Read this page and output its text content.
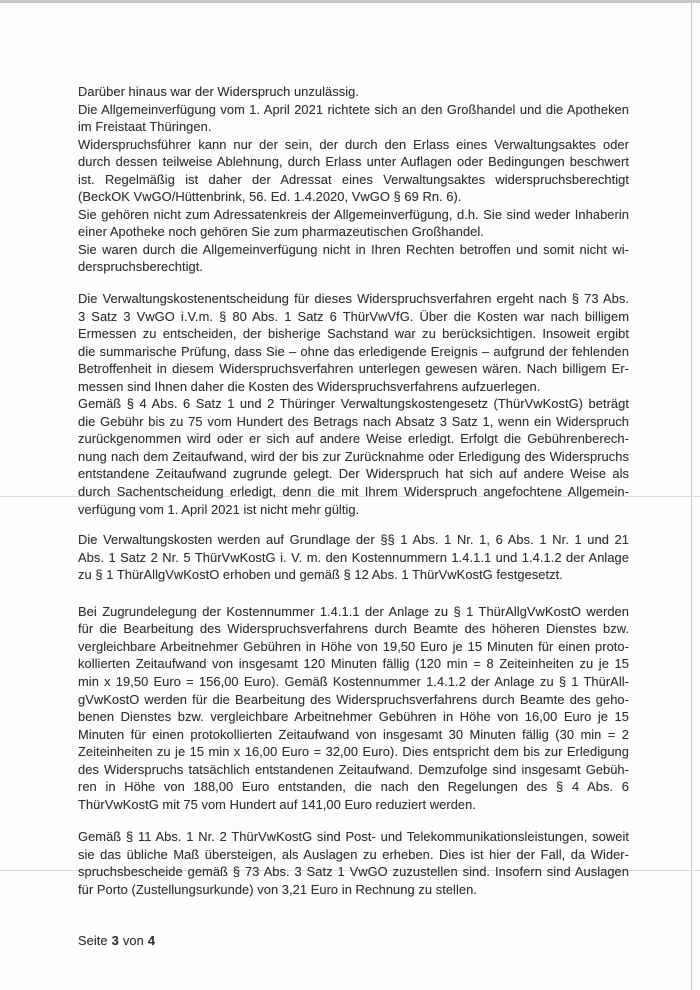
Darüber hinaus war der Widerspruch unzulässig.
Die Allgemeinverfügung vom 1. April 2021 richtete sich an den Großhandel und die Apotheken
im Freistaat Thüringen.
Widerspruchsführer kann nur der sein, der durch den Erlass eines Verwaltungsaktes oder
durch dessen teilweise Ablehnung, durch Erlass unter Auflagen oder Bedingungen beschwert
ist. Regelmäßig ist daher der Adressat eines Verwaltungsaktes widerspruchsberechtigt
(BeckOK VwGO/Hüttenbrink, 56. Ed. 1.4.2020, VwGO § 69 Rn. 6).
Sie gehören nicht zum Adressatenkreis der Allgemeinverfügung, d.h. Sie sind weder Inhaberin
einer Apotheke noch gehören Sie zum pharmazeutischen Großhandel.
Sie waren durch die Allgemeinverfügung nicht in Ihren Rechten betroffen und somit nicht wi-
derspruchsberechtigt.
Die Verwaltungskostenentscheidung für dieses Widerspruchsverfahren ergeht nach § 73 Abs.
3 Satz 3 VwGO i.V.m. § 80 Abs. 1 Satz 6 ThürVwVfG. Über die Kosten war nach billigem
Ermessen zu entscheiden, der bisherige Sachstand war zu berücksichtigen. Insoweit ergibt
die summarische Prüfung, dass Sie – ohne das erledigende Ereignis – aufgrund der fehlenden
Betroffenheit in diesem Widerspruchsverfahren unterlegen gewesen wären. Nach billigem Er-
messen sind Ihnen daher die Kosten des Widerspruchsverfahrens aufzuerlegen.
Gemäß § 4 Abs. 6 Satz 1 und 2 Thüringer Verwaltungskostengesetz (ThürVwKostG) beträgt
die Gebühr bis zu 75 vom Hundert des Betrags nach Absatz 3 Satz 1, wenn ein Widerspruch
zurückgenommen wird oder er sich auf andere Weise erledigt. Erfolgt die Gebührenberech-
nung nach dem Zeitaufwand, wird der bis zur Zurücknahme oder Erledigung des Widerspruchs
entstandene Zeitaufwand zugrunde gelegt. Der Widerspruch hat sich auf andere Weise als
durch Sachentscheidung erledigt, denn die mit Ihrem Widerspruch angefochtene Allgemein-
verfügung vom 1. April 2021 ist nicht mehr gültig.
Die Verwaltungskosten werden auf Grundlage der §§ 1 Abs. 1 Nr. 1, 6 Abs. 1 Nr. 1 und 21
Abs. 1 Satz 2 Nr. 5 ThürVwKostG i. V. m. den Kostennummern 1.4.1.1 und 1.4.1.2 der Anlage
zu § 1 ThürAllgVwKostO erhoben und gemäß § 12 Abs. 1 ThürVwKostG festgesetzt.
Bei Zugrundelegung der Kostennummer 1.4.1.1 der Anlage zu § 1 ThürAllgVwKostO werden
für die Bearbeitung des Widerspruchsverfahrens durch Beamte des höheren Dienstes bzw.
vergleichbare Arbeitnehmer Gebühren in Höhe von 19,50 Euro je 15 Minuten für einen proto-
kollierten Zeitaufwand von insgesamt 120 Minuten fällig (120 min = 8 Zeiteinheiten zu je 15
min x 19,50 Euro = 156,00 Euro). Gemäß Kostennummer 1.4.1.2 der Anlage zu § 1 ThürAll-
gVwKostO werden für die Bearbeitung des Widerspruchsverfahrens durch Beamte des geho-
benen Dienstes bzw. vergleichbare Arbeitnehmer Gebühren in Höhe von 16,00 Euro je 15
Minuten für einen protokollierten Zeitaufwand von insgesamt 30 Minuten fällig (30 min = 2
Zeiteinheiten zu je 15 min x 16,00 Euro = 32,00 Euro). Dies entspricht dem bis zur Erledigung
des Widerspruchs tatsächlich entstandenen Zeitaufwand. Demzufolge sind insgesamt Gebüh-
ren in Höhe von 188,00 Euro entstanden, die nach den Regelungen des § 4 Abs. 6
ThürVwKostG mit 75 vom Hundert auf 141,00 Euro reduziert werden.
Gemäß § 11 Abs. 1 Nr. 2 ThürVwKostG sind Post- und Telekommunikationsleistungen, soweit
sie das übliche Maß übersteigen, als Auslagen zu erheben. Dies ist hier der Fall, da Wider-
spruchsbescheide gemäß § 73 Abs. 3 Satz 1 VwGO zuzustellen sind. Insofern sind Auslagen
für Porto (Zustellungsurkunde) von 3,21 Euro in Rechnung zu stellen.
Seite 3 von 4
